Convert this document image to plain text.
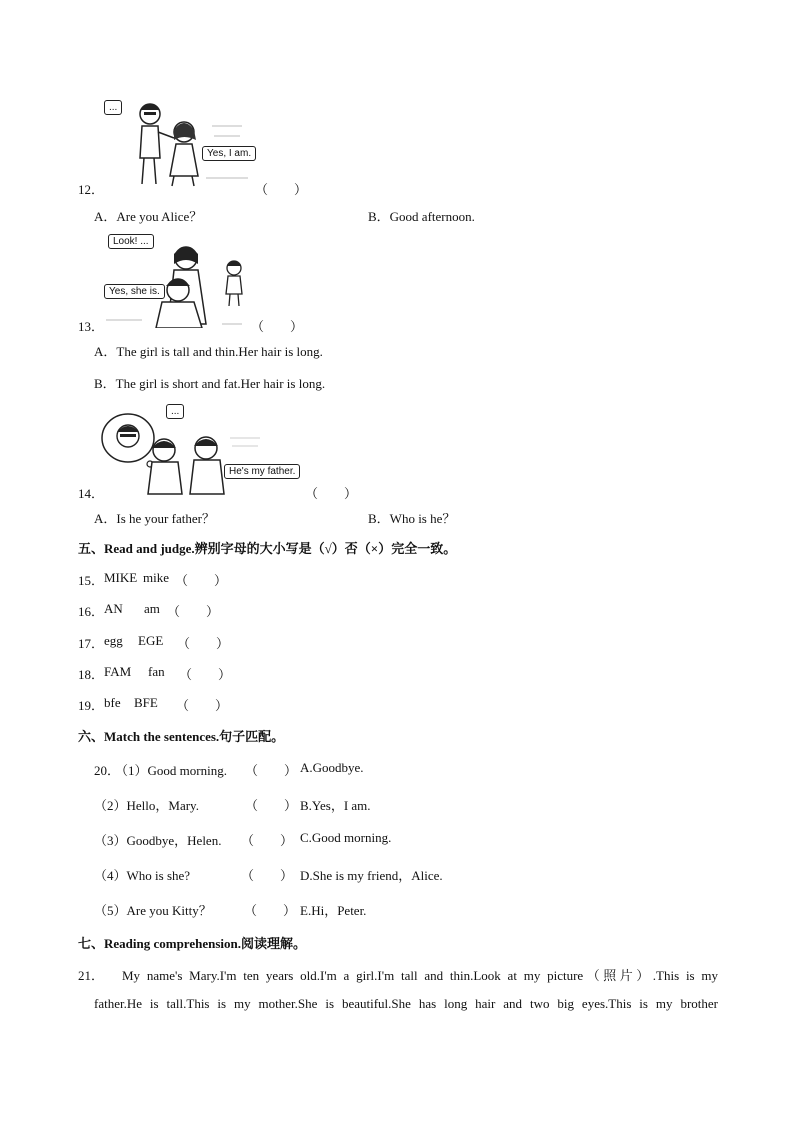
...
Yes, I am.
12．	（　　）
A．Are you Alice？	B．Good afternoon.
Look! ...
Yes, she is.
13．	（　　）
A．The girl is tall and thin.Her hair is long.
B．The girl is short and fat.Her hair is long.
...
He's my father.
14．	（　　）
A．Is he your father？	B．Who is he？
五、Read and judge.辨别字母的大小写是（√）否（×）完全一致。
15． MIKE mike （　　）
16． AN am （　　）
17． egg EGE （　　）
18． FAM fan （　　）
19． bfe BFE （　　）
六、Match the sentences.句子匹配。
20．
（1）Good morning. （　　） A.Goodbye.
（2）Hello，Mary.	（　　） B.Yes，I am.
（3）Goodbye，Helen. （　　） C.Good morning.
（4）Who is she?	（　　） D.She is my friend，Alice.
（5）Are you Kitty？ （　　） E.Hi，Peter.
七、Reading comprehension.阅读理解。
21． My name's Mary.I'm ten years old.I'm a girl.I'm tall and thin.Look at my picture（照片）.This is my
father.He is tall.This is my mother.She is beautiful.She has long hair and two big eyes.This is my brother
